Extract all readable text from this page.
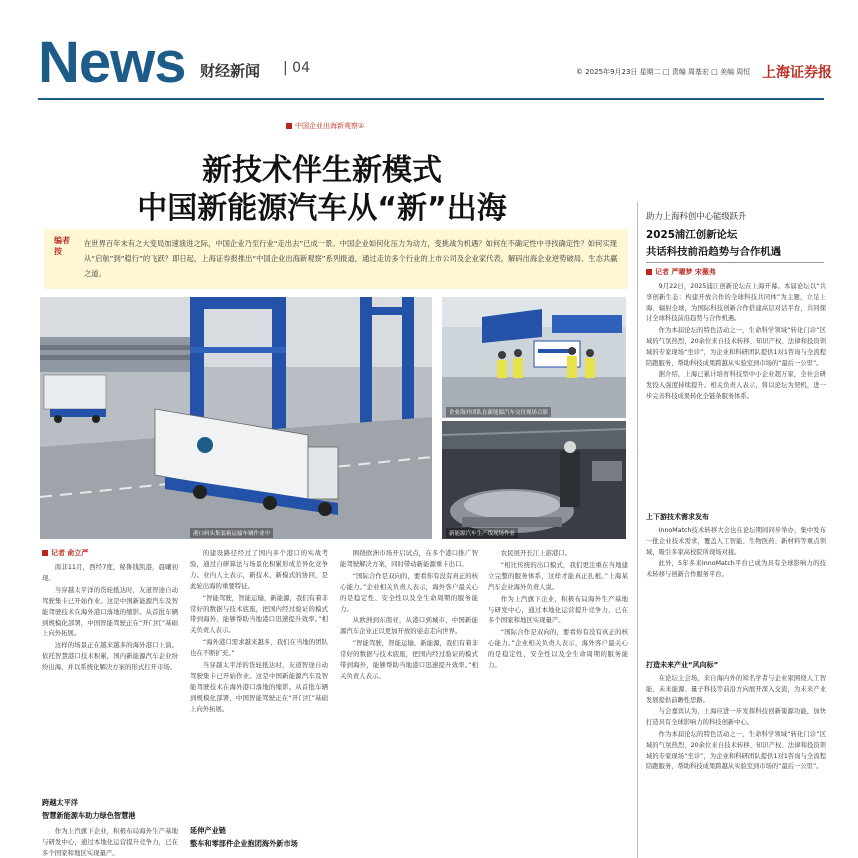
News 财经新闻 | 04	© 2025年9月23日 星期二 □ 责编 周基宏 □ 美编 周恒 上海证券报
中国企业出海新观察①
新技术伴生新模式
中国新能源汽车从“新”出海
编者按
在世界百年未有之大变局加速演进之际，中国企业乃至行业“走出去”已成一景。中国企业如何化压力为动力，变挑战为机遇？如何在不确定性中寻找确定性？如何实现从“启航”到“稳行”的飞跃？即日起，上海证券报推出“中国企业出海新观察”系列报道，通过走访多个行业的上市公司及企业家代表，解码出海企业逆势破局、生态共赢之道。
港口码头集装箱运输车辆作业中
企业海外团队在新能源汽车交付现场合影
新能源汽车生产线现场作业
记者 俞立严

南非11月，西经7度，秘鲁钱凯港，晨曦初现。

当穿越太平洋的货轮抵达时，友道智途自动驾驶集卡已开始作业。这是中国新能源汽车及智能驾驶技术在海外港口落地的缩影。从首批车辆到规模化部署，中国智能驾驶正在“开门红”基础上向外拓展。

这样的场景正在越来越多的海外港口上演。依托智慧港口技术积累，国内新能源汽车企业纷纷出海，并以系统化解决方案的形式打开市场。

跨越太平洋
智慧新能源车助力绿色智慧港

作为上汽旗下企业，积极布局海外生产基地与研发中心，通过本地化运营提升竞争力，已在多个国家和地区实现量产。

的建设路径经过了国内多个港口的实战考验，通过自研算法与场景化积累形成差异化竞争力。业内人士表示，新技术、新模式的协同，是此轮出海的重要特征。

“智能驾驶，智能运输，新能源，我们有着非常好的数据与技术底座，把国内经过验证的模式带到海外，能够帮助当地港口迅速提升效率。”相关负责人表示。

“海外港口需求越来越多，我们在当地的团队也在不断扩充。”

当穿越太平洋的货轮抵达时，友道智途自动驾驶集卡已开始作业。这是中国新能源汽车及智能驾驶技术在海外港口落地的缩影。从首批车辆到规模化部署，中国智能驾驶正在“开门红”基础上向外拓展。

延伸产业链
整车和零部件企业抱团海外新市场

围绕欧洲市场开启试点，在多个港口推广智能驾驶解决方案，同时带动新能源重卡出口。

“国际合作是双向的，要看你有没有真正的核心能力。”企业相关负责人表示，海外客户最关心的是稳定性、安全性以及全生命周期的服务能力。

从欧洲到东南亚，从港口到城市，中国新能源汽车企业正以更加开放的姿态走向世界。

“智能驾驶，智能运输，新能源，我们有着非常好的数据与技术底座，把国内经过验证的模式带到海外，能够帮助当地港口迅速提升效率。”相关负责人表示。

农民展开长江上游港口。

“相比传统的出口模式，我们更注重在当地建立完整的服务体系，这样才能真正扎根。”上海某汽车企业海外负责人说。

作为上汽旗下企业，积极布局海外生产基地与研发中心，通过本地化运营提升竞争力，已在多个国家和地区实现量产。

“国际合作是双向的，要看你有没有真正的核心能力。”企业相关负责人表示，海外客户最关心的是稳定性、安全性以及全生命周期的服务能力。

助力上海科创中心能级跃升
2025浦江创新论坛
共话科技前沿趋势与合作机遇
记者 严曜梦 宋薇弗

9月22日，2025浦江创新论坛在上海开幕。本届论坛以“共享创新生态：构建开放合作的全球科技共同体”为主题，立足上海、辐射全球，为国际科技创新合作搭建高层对话平台，共同探讨全球科技前沿趋势与合作机遇。

作为本届论坛的特色活动之一，生命科学领域“转化门诊”区域的气氛热烈，20余位来自技术转移、知识产权、法律和投资领域的专家现场“坐诊”，为企业和科研团队提供1对1咨询与全流程陪跑服务，帮助科技成果跨越从实验室到市场的“最后一公里”。

据介绍，上海已累计培育科技型中小企业超万家，全社会研发投入强度持续提升。相关负责人表示，将以论坛为契机，进一步完善科技成果转化全链条服务体系。

上下游技术需求发布

InnoMatch技术转移大会也在论坛期间同步举办，集中发布一批企业技术需求，覆盖人工智能、生物医药、新材料等重点领域，吸引多家高校院所现场对接。

此外，5年多来InnoMatch平台已成为具有全球影响力的技术转移与创新合作服务平台。

打造未来产业“风向标”

在论坛主会场，来自海内外的知名学者与企业家围绕人工智能、未来能源、量子科技等前沿方向展开深入交流，为未来产业发展提供前瞻性思路。

与会嘉宾认为，上海应进一步发挥科技创新策源功能，加快打造具有全球影响力的科技创新中心。

作为本届论坛的特色活动之一，生命科学领域“转化门诊”区域的气氛热烈，20余位来自技术转移、知识产权、法律和投资领域的专家现场“坐诊”，为企业和科研团队提供1对1咨询与全流程陪跑服务，帮助科技成果跨越从实验室到市场的“最后一公里”。
